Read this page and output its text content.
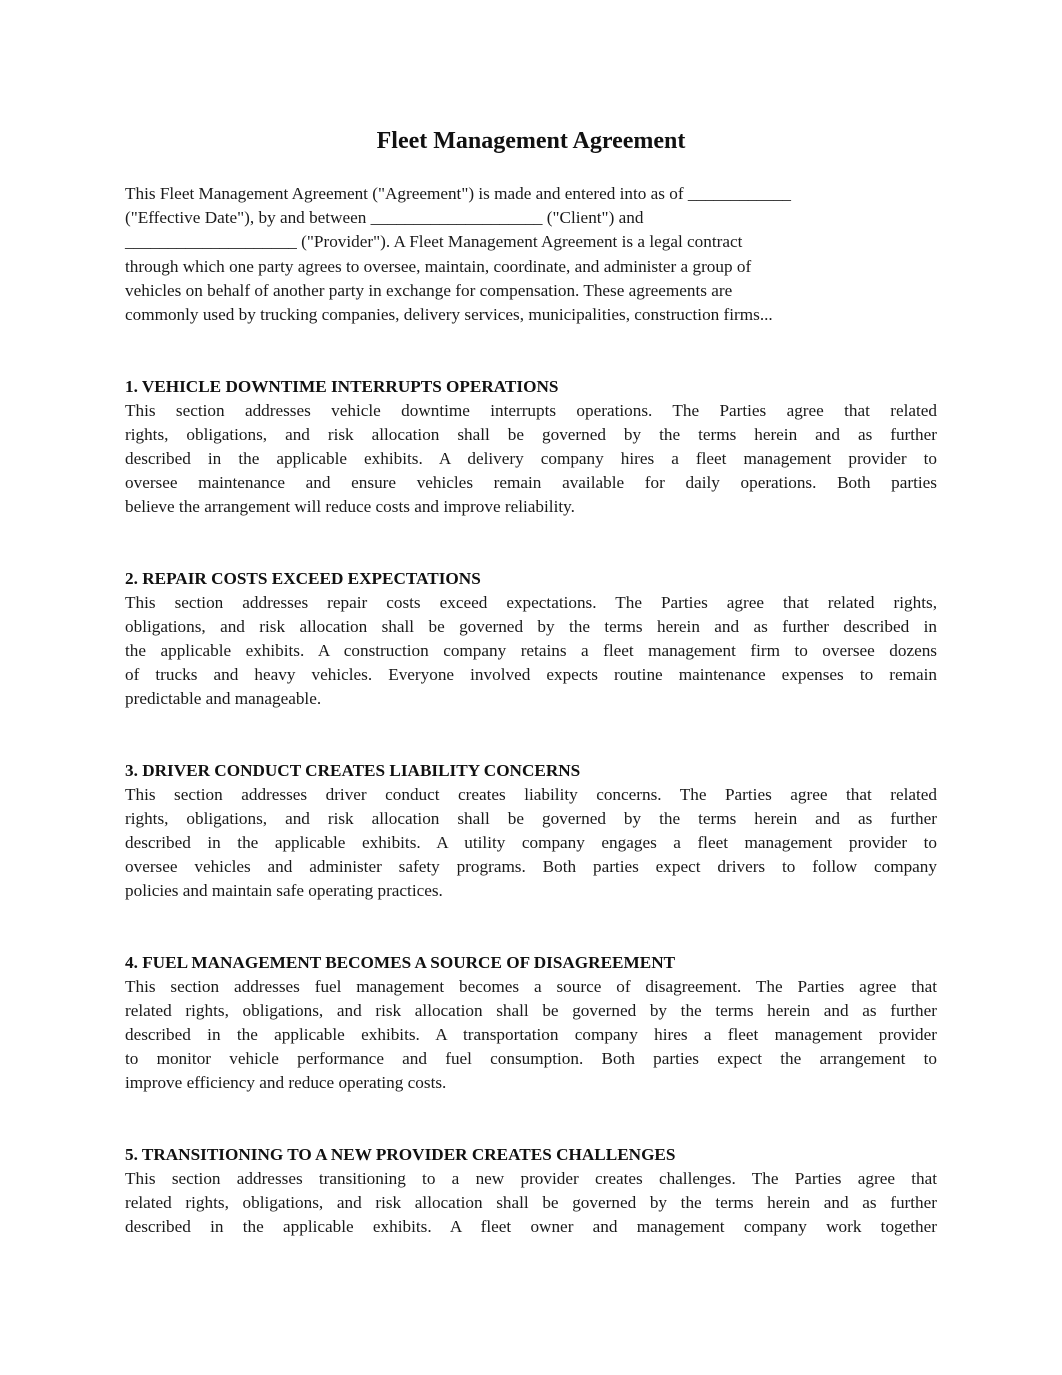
Fleet Management Agreement

This Fleet Management Agreement ("Agreement") is made and entered into as of ____________
("Effective Date"), by and between ____________________ ("Client") and
____________________ ("Provider"). A Fleet Management Agreement is a legal contract
through which one party agrees to oversee, maintain, coordinate, and administer a group of
vehicles on behalf of another party in exchange for compensation. These agreements are
commonly used by trucking companies, delivery services, municipalities, construction firms...

1. VEHICLE DOWNTIME INTERRUPTS OPERATIONS

This section addresses vehicle downtime interrupts operations. The Parties agree that related
rights, obligations, and risk allocation shall be governed by the terms herein and as further
described in the applicable exhibits. A delivery company hires a fleet management provider to
oversee maintenance and ensure vehicles remain available for daily operations. Both parties
believe the arrangement will reduce costs and improve reliability.

2. REPAIR COSTS EXCEED EXPECTATIONS

This section addresses repair costs exceed expectations. The Parties agree that related rights,
obligations, and risk allocation shall be governed by the terms herein and as further described in
the applicable exhibits. A construction company retains a fleet management firm to oversee dozens
of trucks and heavy vehicles. Everyone involved expects routine maintenance expenses to remain
predictable and manageable.

3. DRIVER CONDUCT CREATES LIABILITY CONCERNS

This section addresses driver conduct creates liability concerns. The Parties agree that related
rights, obligations, and risk allocation shall be governed by the terms herein and as further
described in the applicable exhibits. A utility company engages a fleet management provider to
oversee vehicles and administer safety programs. Both parties expect drivers to follow company
policies and maintain safe operating practices.

4. FUEL MANAGEMENT BECOMES A SOURCE OF DISAGREEMENT

This section addresses fuel management becomes a source of disagreement. The Parties agree that
related rights, obligations, and risk allocation shall be governed by the terms herein and as further
described in the applicable exhibits. A transportation company hires a fleet management provider
to monitor vehicle performance and fuel consumption. Both parties expect the arrangement to
improve efficiency and reduce operating costs.

5. TRANSITIONING TO A NEW PROVIDER CREATES CHALLENGES

This section addresses transitioning to a new provider creates challenges. The Parties agree that
related rights, obligations, and risk allocation shall be governed by the terms herein and as further
described in the applicable exhibits. A fleet owner and management company work together
